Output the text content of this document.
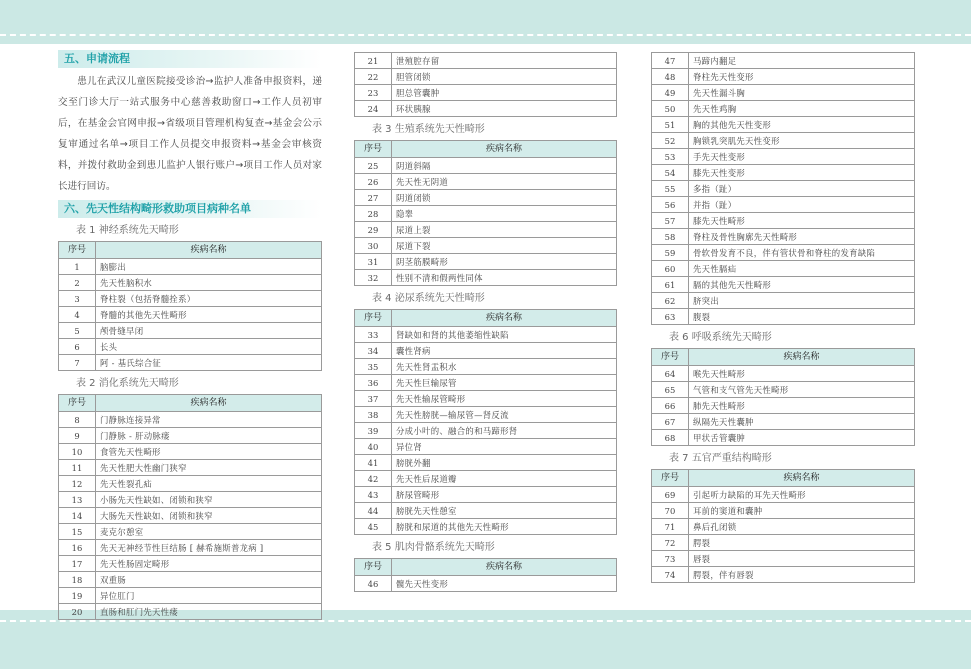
五、申请流程

患儿在武汉儿童医院接受诊治→监护人准备申报资料，递交至门诊大厅一站式服务中心慈善救助窗口→工作人员初审后，在基金会官网申报→省级项目管理机构复查→基金会公示复审通过名单→项目工作人员提交申报资料→基金会审核资料，并拨付救助金到患儿监护人银行账户→项目工作人员对家长进行回访。

六、先天性结构畸形救助项目病种名单
表 1 神经系统先天畸形
序号	疾病名称
1	脑膨出
2	先天性脑积水
3	脊柱裂（包括脊髓拴系）
4	脊髓的其他先天性畸形
5	颅骨缝早闭
6	长头
7	阿 - 基氏综合征
表 2 消化系统先天畸形
序号	疾病名称
8	门静脉连接异常
9	门静脉 - 肝动脉瘘
10	食管先天性畸形
11	先天性肥大性幽门狭窄
12	先天性裂孔疝
13	小肠先天性缺如、闭锁和狭窄
14	大肠先天性缺如、闭锁和狭窄
15	麦克尔憩室
16	先天无神经节性巨结肠 [ 赫希施斯普龙病 ]
17	先天性肠固定畸形
18	双重肠
19	异位肛门
20	直肠和肛门先天性瘘
21	泄殖腔存留
22	胆管闭锁
23	胆总管囊肿
24	环状胰腺
表 3 生殖系统先天性畸形
序号	疾病名称
25	阴道斜隔
26	先天性无阴道
27	阴道闭锁
28	隐睾
29	尿道上裂
30	尿道下裂
31	阴茎筋膜畸形
32	性别不清和假两性同体
表 4 泌尿系统先天性畸形
序号	疾病名称
33	肾缺如和肾的其他萎缩性缺陷
34	囊性肾病
35	先天性肾盂积水
36	先天性巨输尿管
37	先天性输尿管畸形
38	先天性膀胱—输尿管—肾反流
39	分成小叶的、融合的和马蹄形肾
40	异位肾
41	膀胱外翻
42	先天性后尿道瓣
43	脐尿管畸形
44	膀胱先天性憩室
45	膀胱和尿道的其他先天性畸形
表 5 肌肉骨骼系统先天畸形
序号	疾病名称
46	髋先天性变形
47	马蹄内翻足
48	脊柱先天性变形
49	先天性漏斗胸
50	先天性鸡胸
51	胸的其他先天性变形
52	胸锁乳突肌先天性变形
53	手先天性变形
54	膝先天性变形
55	多指（趾）
56	并指（趾）
57	膝先天性畸形
58	脊柱及骨性胸廓先天性畸形
59	骨软骨发育不良，伴有管状骨和脊柱的发育缺陷
60	先天性膈疝
61	膈的其他先天性畸形
62	脐突出
63	腹裂
表 6 呼吸系统先天畸形
序号	疾病名称
64	喉先天性畸形
65	气管和支气管先天性畸形
66	肺先天性畸形
67	纵隔先天性囊肿
68	甲状舌管囊肿
表 7 五官严重结构畸形
序号	疾病名称
69	引起听力缺陷的耳先天性畸形
70	耳前的窦道和囊肿
71	鼻后孔闭锁
72	腭裂
73	唇裂
74	腭裂，伴有唇裂
